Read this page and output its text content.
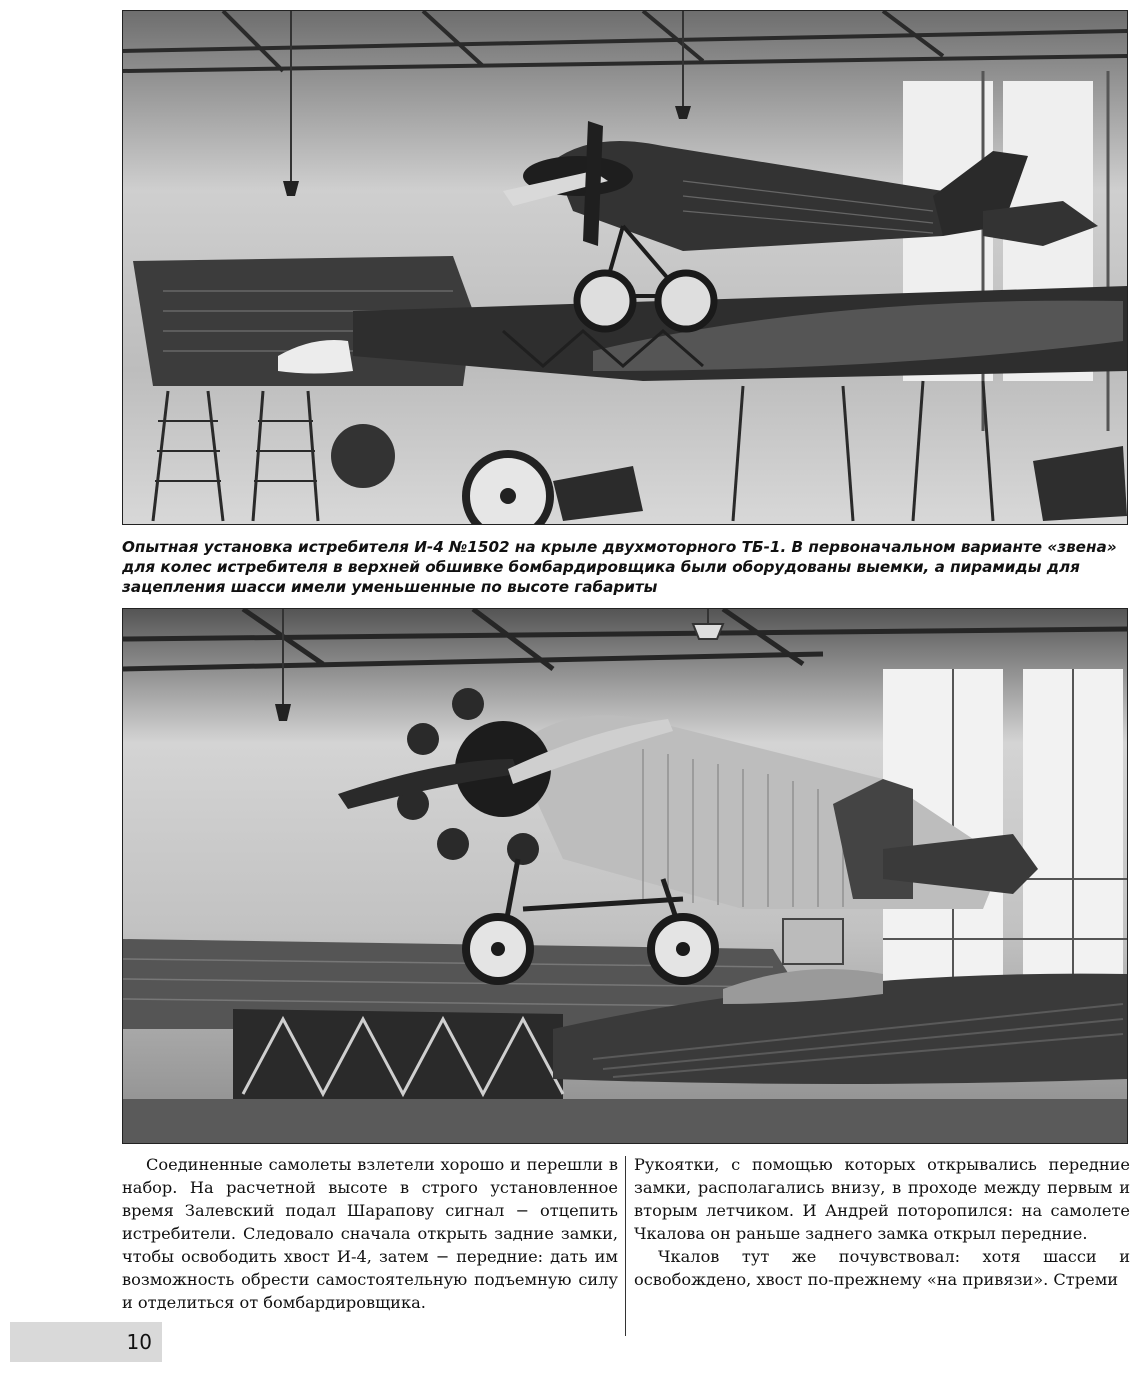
Опытная установка истребителя И-4 №1502 на крыле двухмоторного ТБ-1. В первоначальном варианте «звена» для колес истребителя в верхней обшивке бомбардировщика были оборудованы выемки, а пирамиды для зацепления шасси имели уменьшенные по высоте габариты

Соединенные самолеты взлетели хорошо и перешли в набор. На расчетной высоте в строго установленное время Залевский подал Шарапову сигнал − отцепить истребители. Следовало сначала открыть задние замки, чтобы освободить хвост И-4, затем − передние: дать им возможность обрести самостоятельную подъемную силу и отделиться от бомбардировщика.

Рукоятки, с помощью которых открывались передние замки, располагались внизу, в проходе между первым и вторым летчиком. И Андрей поторопился: на самолете Чкалова он раньше заднего замка открыл передние.

Чкалов тут же почувствовал: хотя шасси и освобождено, хвост по-прежнему «на привязи». Стреми

10
